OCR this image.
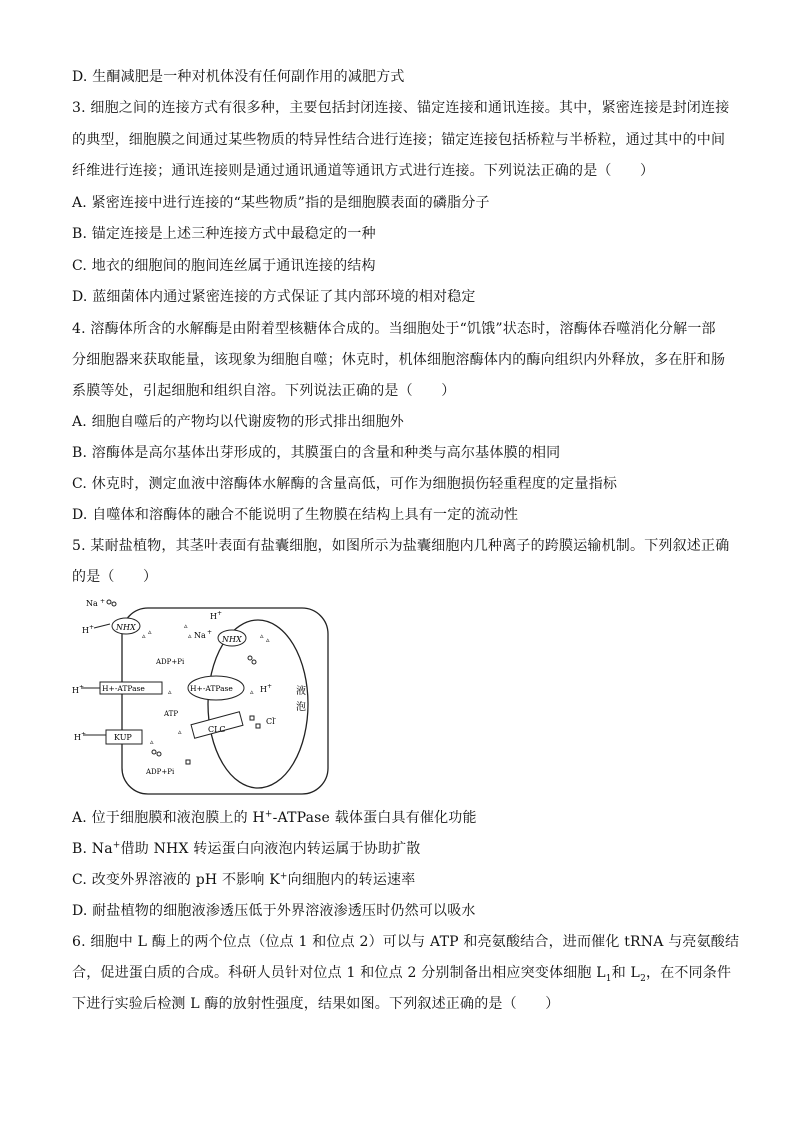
D. 生酮减肥是一种对机体没有任何副作用的减肥方式
3. 细胞之间的连接方式有很多种，主要包括封闭连接、锚定连接和通讯连接。其中，紧密连接是封闭连接
的典型，细胞膜之间通过某些物质的特异性结合进行连接；锚定连接包括桥粒与半桥粒，通过其中的中间
纤维进行连接；通讯连接则是通过通讯通道等通讯方式进行连接。下列说法正确的是（　　）
A. 紧密连接中进行连接的“某些物质”指的是细胞膜表面的磷脂分子
B. 锚定连接是上述三种连接方式中最稳定的一种
C. 地衣的细胞间的胞间连丝属于通讯连接的结构
D. 蓝细菌体内通过紧密连接的方式保证了其内部环境的相对稳定
4. 溶酶体所含的水解酶是由附着型核糖体合成的。当细胞处于“饥饿”状态时，溶酶体吞噬消化分解一部
分细胞器来获取能量，该现象为细胞自噬；休克时，机体细胞溶酶体内的酶向组织内外释放，多在肝和肠
系膜等处，引起细胞和组织自溶。下列说法正确的是（　　）
A. 细胞自噬后的产物均以代谢废物的形式排出细胞外
B. 溶酶体是高尔基体出芽形成的，其膜蛋白的含量和种类与高尔基体膜的相同
C. 休克时，测定血液中溶酶体水解酶的含量高低，可作为细胞损伤轻重程度的定量指标
D. 自噬体和溶酶体的融合不能说明了生物膜在结构上具有一定的流动性
5. 某耐盐植物，其茎叶表面有盐囊细胞，如图所示为盐囊细胞内几种离子的跨膜运输机制。下列叙述正确
的是（　　）
NHX
Na +
H +
▵ ▵
NHX
H +
Na +
▵
▵	▵ ▵
H+-ATPase
H +
ADP+Pi
▵ H+-ATPase ▵ H +
ATP
KUP
H +
▵
ADP+Pi
CLC
Cl -
▵
液
泡
A. 位于细胞膜和液泡膜上的 H+-ATPase 载体蛋白具有催化功能
B. Na+借助 NHX 转运蛋白向液泡内转运属于协助扩散
C. 改变外界溶液的 pH 不影响 K+向细胞内的转运速率
D. 耐盐植物的细胞液渗透压低于外界溶液渗透压时仍然可以吸水
6. 细胞中 L 酶上的两个位点（位点 1 和位点 2）可以与 ATP 和亮氨酸结合，进而催化 tRNA 与亮氨酸结
合，促进蛋白质的合成。科研人员针对位点 1 和位点 2 分别制备出相应突变体细胞 $L_1$和 $L_2$，在不同条件
下进行实验后检测 L 酶的放射性强度，结果如图。下列叙述正确的是（　　）
